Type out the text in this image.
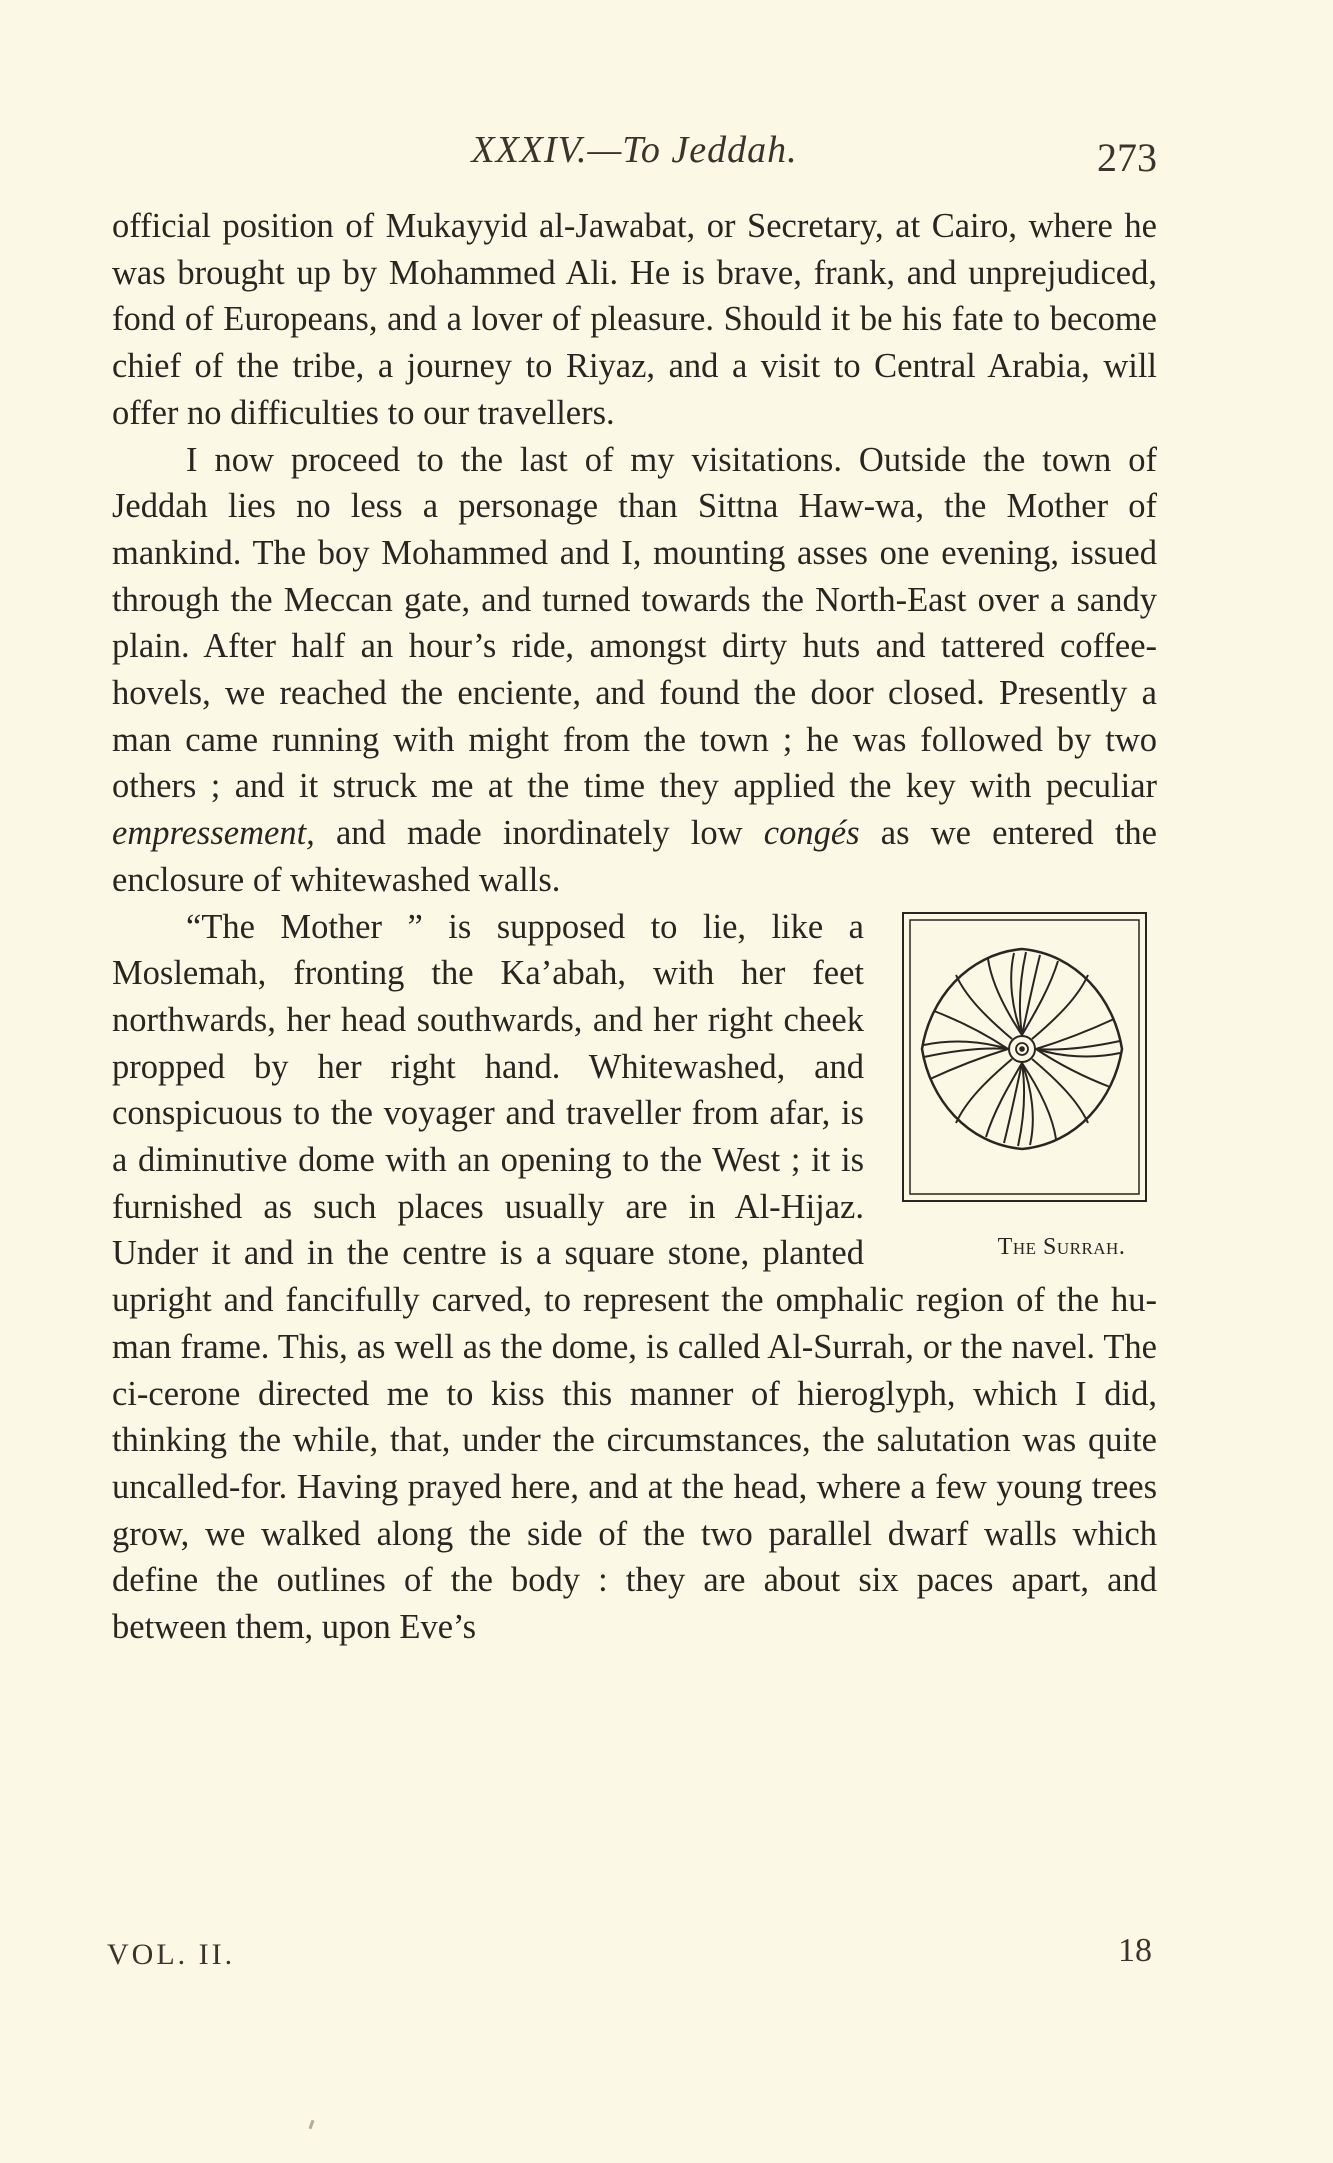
XXXIV.—To Jeddah.	273

official position of Mukayyid al-Jawabat, or Secretary, at Cairo, where he was brought up by Mohammed Ali. He is brave, frank, and unprejudiced, fond of Europeans, and a lover of pleasure. Should it be his fate to become chief of the tribe, a journey to Riyaz, and a visit to Central Arabia, will offer no difficulties to our travellers.

I now proceed to the last of my visitations. Outside the town of Jeddah lies no less a personage than Sittna Haw-wa, the Mother of mankind. The boy Mohammed and I, mounting asses one evening, issued through the Meccan gate, and turned towards the North-East over a sandy plain. After half an hour’s ride, amongst dirty huts and tattered coffee-hovels, we reached the enciente, and found the door closed. Presently a man came running with might from the town ; he was followed by two others ; and it struck me at the time they applied the key with peculiar empressement, and made inordinately low congés as we entered the enclosure of whitewashed walls.

The Surrah.
“The Mother ” is supposed to lie, like a Moslemah, fronting the Ka’abah, with her feet northwards, her head southwards, and her right cheek propped by her right hand. Whitewashed, and conspicuous to the voyager and traveller from afar, is a diminutive dome with an opening to the West ; it is furnished as such places usually are in Al-Hijaz. Under it and in the centre is a square stone, planted upright and fancifully carved, to represent the omphalic region of the hu-man frame. This, as well as the dome, is called Al-Surrah, or the navel. The ci-cerone directed me to kiss this manner of hieroglyph, which I did, thinking the while, that, under the circumstances, the salutation was quite uncalled-for. Having prayed here, and at the head, where a few young trees grow, we walked along the side of the two parallel dwarf walls which define the outlines of the body : they are about six paces apart, and between them, upon Eve’s

VOL. II.	18
